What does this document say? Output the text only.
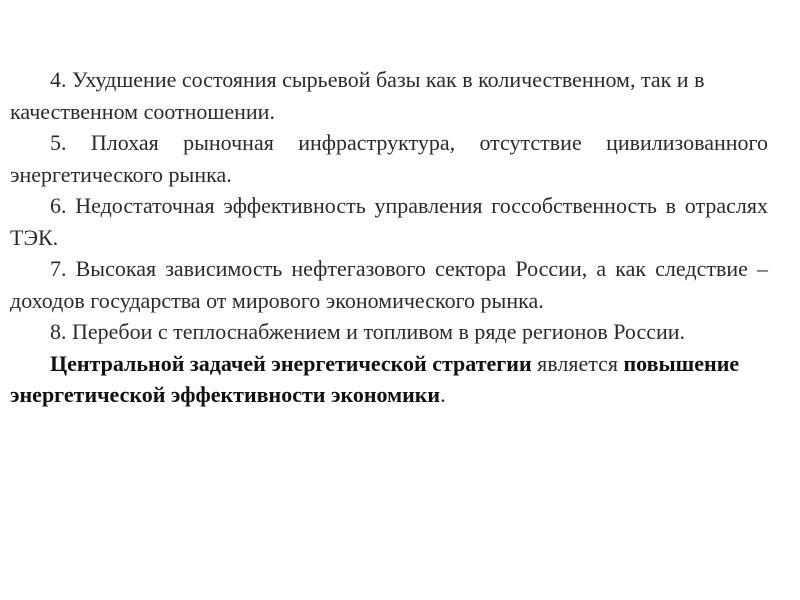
4. Ухудшение состояния сырьевой базы как в количественном, так и в качественном соотношении.

5. Плохая рыночная инфраструктура, отсутствие цивилизованного энергетического рынка.

6. Недостаточная эффективность управления госсобственность в отраслях ТЭК.

7. Высокая зависимость нефтегазового сектора России, а как следствие – доходов государства от мирового экономического рынка.

8. Перебои с теплоснабжением и топливом в ряде регионов России.

Центральной задачей энергетической стратегии является повышение энергетической эффективности экономики.
